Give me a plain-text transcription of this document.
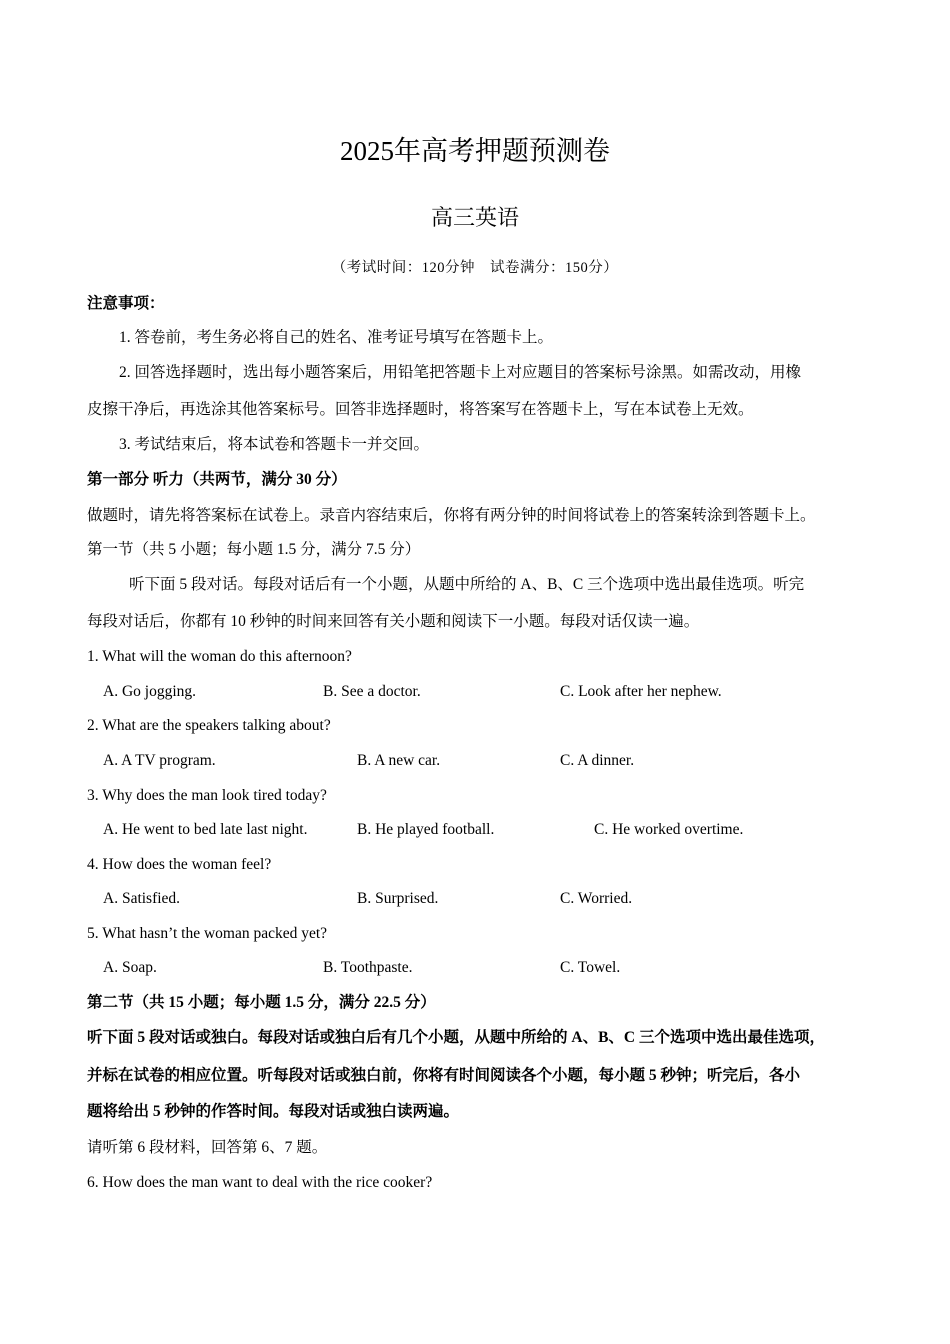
2025年高考押题预测卷
高三英语
（考试时间：120分钟　试卷满分：150分）
注意事项：
1. 答卷前，考生务必将自己的姓名、准考证号填写在答题卡上。
2. 回答选择题时，选出每小题答案后，用铅笔把答题卡上对应题目的答案标号涂黑。如需改动，用橡
皮擦干净后，再选涂其他答案标号。回答非选择题时，将答案写在答题卡上，写在本试卷上无效。
3. 考试结束后，将本试卷和答题卡一并交回。
第一部分 听力（共两节，满分 30 分）
做题时，请先将答案标在试卷上。录音内容结束后，你将有两分钟的时间将试卷上的答案转涂到答题卡上。
第一节（共 5 小题；每小题 1.5 分，满分 7.5 分）
听下面 5 段对话。每段对话后有一个小题，从题中所给的 A、B、C 三个选项中选出最佳选项。听完
每段对话后，你都有 10 秒钟的时间来回答有关小题和阅读下一小题。每段对话仅读一遍。
1. What will the woman do this afternoon?
A. Go jogging.	B. See a doctor.	C. Look after her nephew.
2. What are the speakers talking about?
A. A TV program.	B. A new car.	C. A dinner.
3. Why does the man look tired today?
A. He went to bed late last night.	B. He played football.	C. He worked overtime.
4. How does the woman feel?
A. Satisfied.	B. Surprised.	C. Worried.
5. What hasn’t the woman packed yet?
A. Soap.	B. Toothpaste.	C. Towel.
第二节（共 15 小题；每小题 1.5 分，满分 22.5 分）
听下面 5 段对话或独白。每段对话或独白后有几个小题，从题中所给的 A、B、C 三个选项中选出最佳选项，
并标在试卷的相应位置。听每段对话或独白前，你将有时间阅读各个小题，每小题 5 秒钟；听完后，各小
题将给出 5 秒钟的作答时间。每段对话或独白读两遍。
请听第 6 段材料，回答第 6、7 题。
6. How does the man want to deal with the rice cooker?
